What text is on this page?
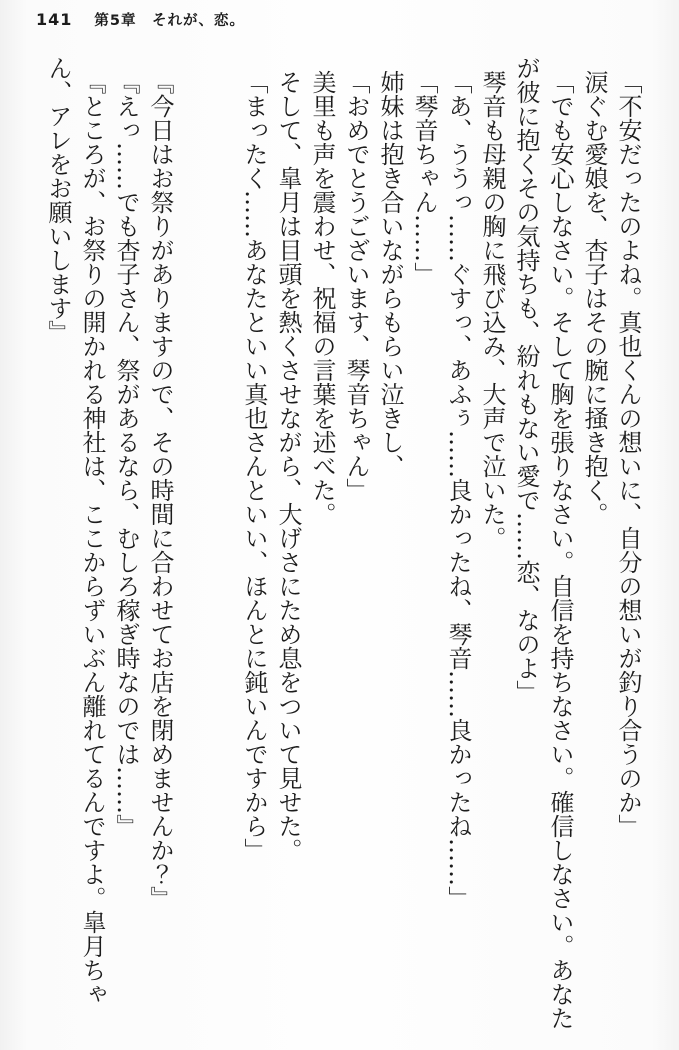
141 第5章　それが、恋。

「不安だったのよね。真也くんの想いに、自分の想いが釣り合うのか」

涙ぐむ愛娘を、杏子はその腕に掻き抱く。

「でも安心しなさい。そして胸を張りなさい。自信を持ちなさい。確信しなさい。あなたが彼に抱くその気持ちも、紛れもない愛で……恋、なのよ」

琴音も母親の胸に飛び込み、大声で泣いた。

「あ、ううっ……ぐすっ、あふぅ……良かったね、琴音……良かったね……」

「琴音ちゃん……」

姉妹は抱き合いながらもらい泣きし、

「おめでとうございます、琴音ちゃん」

美里も声を震わせ、祝福の言葉を述べた。

そして、皐月は目頭を熱くさせながら、大げさにため息をついて見せた。

「まったく……あなたといい真也さんといい、ほんとに鈍いんですから」

『今日はお祭りがありますので、その時間に合わせてお店を閉めませんか？』

『えっ……でも杏子さん、祭があるなら、むしろ稼ぎ時なのでは……』

『ところが、お祭りの開かれる神社は、ここからずいぶん離れてるんですよ。皐月ちゃん、アレをお願いします』
